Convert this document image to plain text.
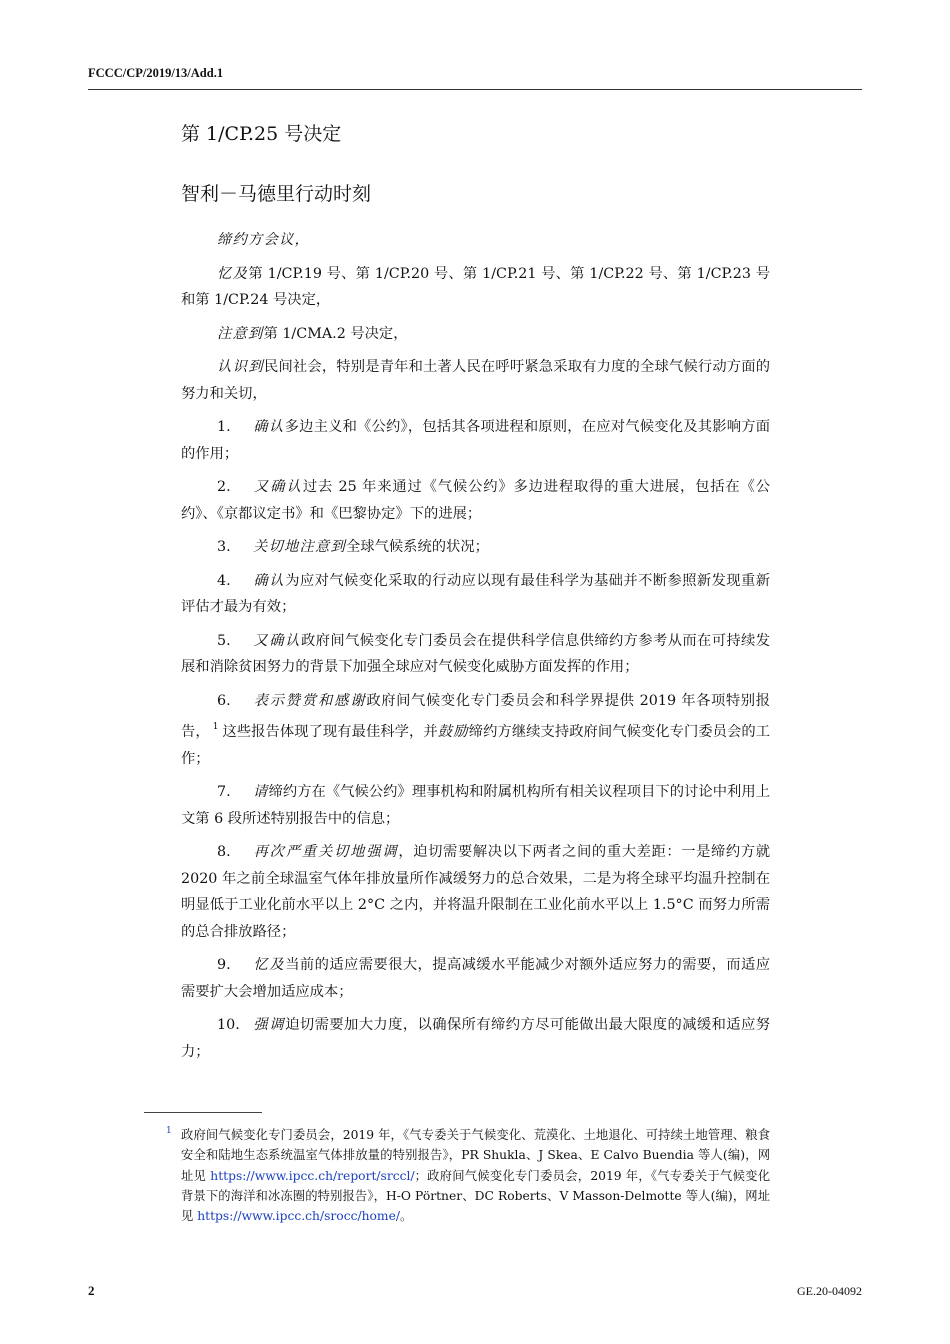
FCCC/CP/2019/13/Add.1
第 1/CP.25 号决定
智利－马德里行动时刻

缔约方会议，

忆及第 1/CP.19 号、第 1/CP.20 号、第 1/CP.21 号、第 1/CP.22 号、第 1/CP.23 号和第 1/CP.24 号决定，

注意到第 1/CMA.2 号决定，

认识到民间社会，特别是青年和土著人民在呼吁紧急采取有力度的全球气候行动方面的努力和关切，

1. 确认多边主义和《公约》，包括其各项进程和原则，在应对气候变化及其影响方面的作用；

2. 又确认过去 25 年来通过《气候公约》多边进程取得的重大进展，包括在《公约》、《京都议定书》和《巴黎协定》下的进展；

3. 关切地注意到全球气候系统的状况；

4. 确认为应对气候变化采取的行动应以现有最佳科学为基础并不断参照新发现重新评估才最为有效；

5. 又确认政府间气候变化专门委员会在提供科学信息供缔约方参考从而在可持续发展和消除贫困努力的背景下加强全球应对气候变化威胁方面发挥的作用；

6. 表示赞赏和感谢政府间气候变化专门委员会和科学界提供 2019 年各项特别报告， $^1$ 这些报告体现了现有最佳科学，并鼓励缔约方继续支持政府间气候变化专门委员会的工作；

7. 请缔约方在《气候公约》理事机构和附属机构所有相关议程项目下的讨论中利用上文第 6 段所述特别报告中的信息；

8. 再次严重关切地强调，迫切需要解决以下两者之间的重大差距：一是缔约方就 2020 年之前全球温室气体年排放量所作减缓努力的总合效果，二是为将全球平均温升控制在明显低于工业化前水平以上 2°C 之内，并将温升限制在工业化前水平以上 1.5°C 而努力所需的总合排放路径；

9. 忆及当前的适应需要很大，提高减缓水平能减少对额外适应努力的需要，而适应需要扩大会增加适应成本；

10. 强调迫切需要加大力度，以确保所有缔约方尽可能做出最大限度的减缓和适应努力；

1 政府间气候变化专门委员会，2019 年，《气专委关于气候变化、荒漠化、土地退化、可持续土地管理、粮食安全和陆地生态系统温室气体排放量的特别报告》，PR Shukla、J Skea、E Calvo Buendia 等人(编)，网址见 https://www.ipcc.ch/report/srccl/；政府间气候变化专门委员会，2019 年，《气专委关于气候变化背景下的海洋和冰冻圈的特别报告》，H-O Pörtner、DC Roberts、V Masson-Delmotte 等人(编)，网址见 https://www.ipcc.ch/srocc/home/。
2	GE.20-04092
